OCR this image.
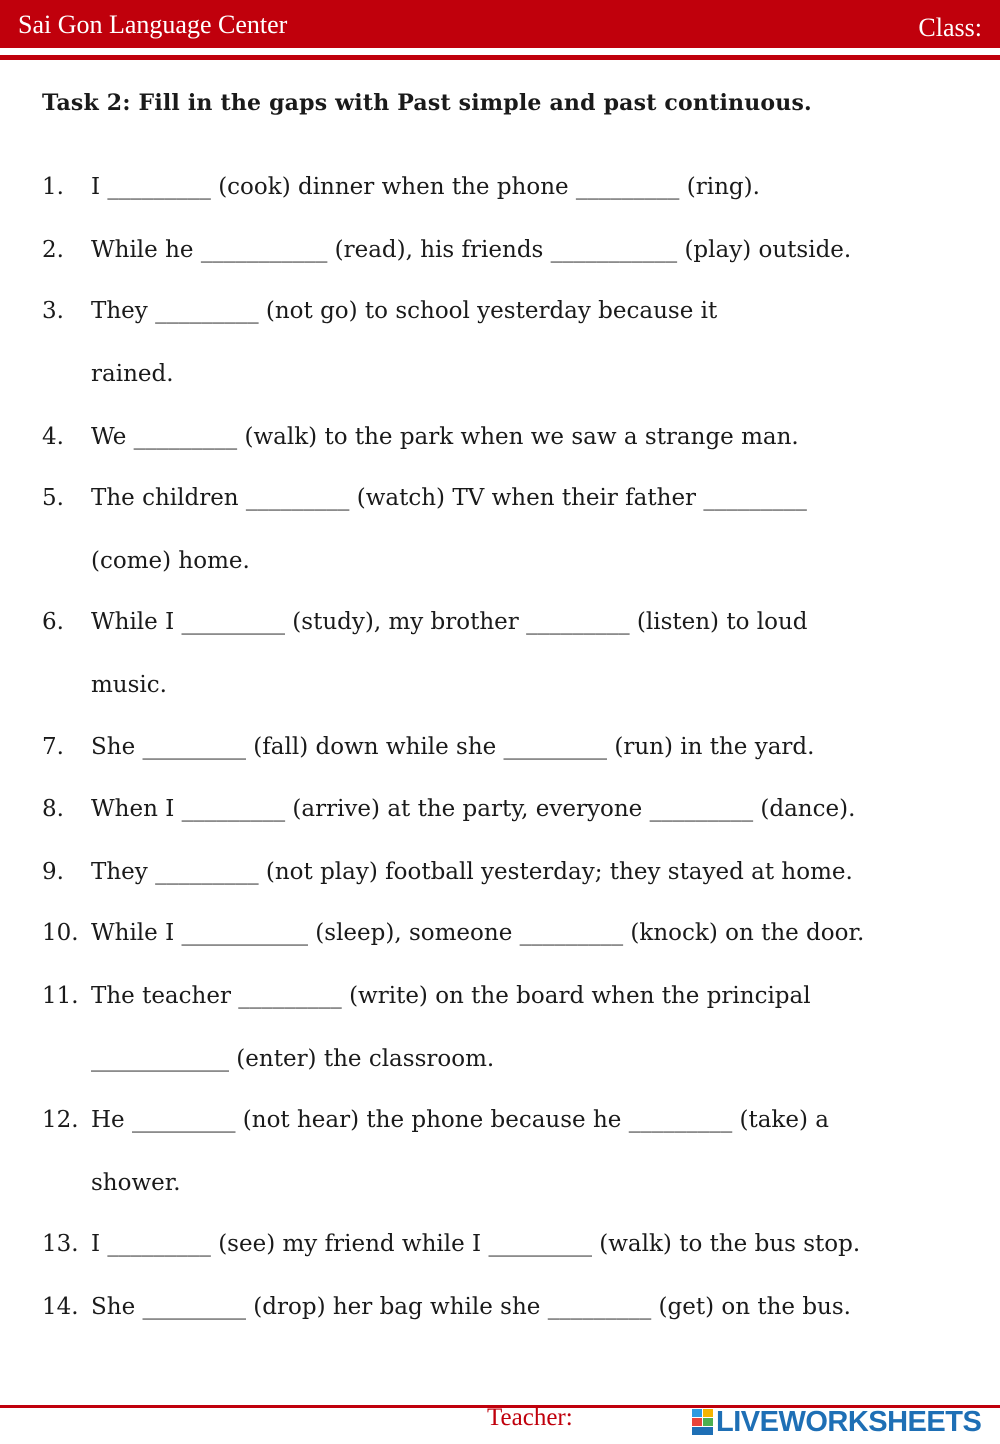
Sai Gon Language Center	Class:
Task 2: Fill in the gaps with Past simple and past continuous.
1. I _________ (cook) dinner when the phone _________ (ring).
2. While he ___________ (read), his friends ___________ (play) outside.
3. They _________ (not go) to school yesterday because it
rained.
4. We _________ (walk) to the park when we saw a strange man.
5. The children _________ (watch) TV when their father _________
(come) home.
6. While I _________ (study), my brother _________ (listen) to loud
music.
7. She _________ (fall) down while she _________ (run) in the yard.
8. When I _________ (arrive) at the party, everyone _________ (dance).
9. They _________ (not play) football yesterday; they stayed at home.
10. While I ___________ (sleep), someone _________ (knock) on the door.
11. The teacher _________ (write) on the board when the principal
____________ (enter) the classroom.
12. He _________ (not hear) the phone because he _________ (take) a
shower.
13. I _________ (see) my friend while I _________ (walk) to the bus stop.
14. She _________ (drop) her bag while she _________ (get) on the bus.
Teacher:	LIVEWORKSHEETS
